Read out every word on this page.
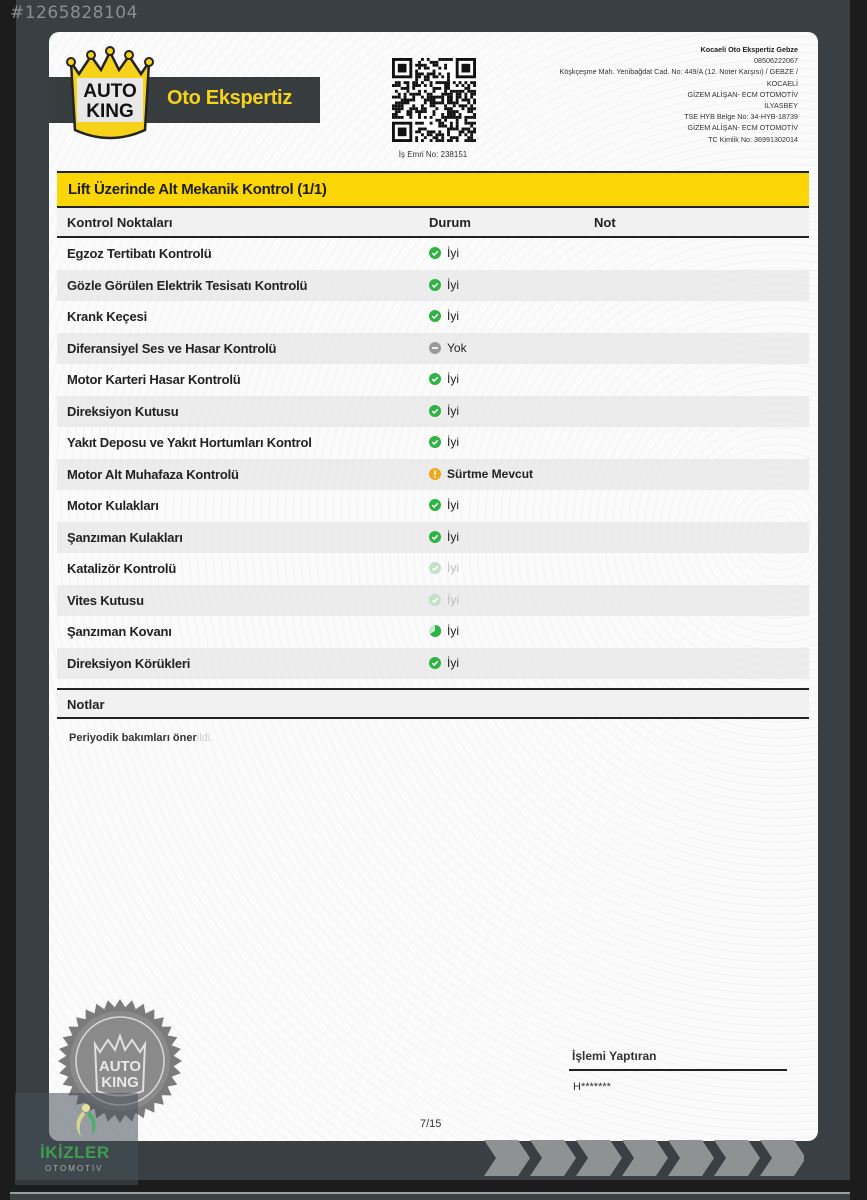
#1265828104
Oto Ekspertiz
AUTO
KING
İş Emri No: 238151
Kocaeli Oto Ekspertiz Gebze
08506222067
Köşkçeşme Mah. Yenibağdat Cad. No: 449/A (12. Noter Karşısı) / GEBZE /
KOCAELİ
GİZEM ALİŞAN- ECM OTOMOTİV
İLYASBEY
TSE HYB Belge No: 34-HYB-18739
GİZEM ALİŞAN- ECM OTOMOTİV
TC Kimlik No: 36991302014
Lift Üzerinde Alt Mekanik Kontrol (1/1)
Kontrol Noktaları	Durum	Not
Egzoz Tertibatı Kontrolü	İyi
Gözle Görülen Elektrik Tesisatı Kontrolü	İyi
Krank Keçesi	İyi
Diferansiyel Ses ve Hasar Kontrolü	Yok
Motor Karteri Hasar Kontrolü	İyi
Direksiyon Kutusu	İyi
Yakıt Deposu ve Yakıt Hortumları Kontrol	İyi
Motor Alt Muhafaza Kontrolü	Sürtme Mevcut
Motor Kulakları	İyi
Şanzıman Kulakları	İyi
Katalizör Kontrolü	İyi
Vites Kutusu	İyi
Şanzıman Kovanı	İyi
Direksiyon Körükleri	İyi
Notlar
Periyodik bakımları önerildi.
AUTO
KING
İşlemi Yaptıran
H*******
7/15
İKİZLER
OTOMOTİV
